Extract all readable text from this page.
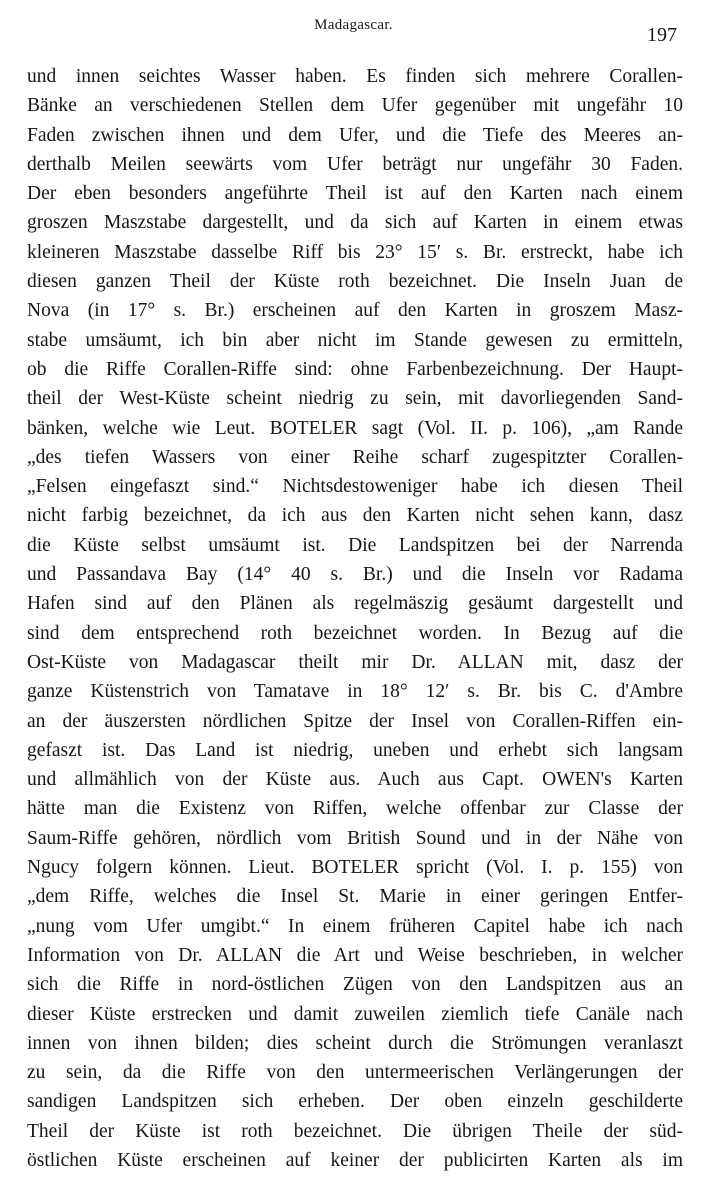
Madagascar.	197
und innen seichtes Wasser haben. Es finden sich mehrere Corallen-
Bänke an verschiedenen Stellen dem Ufer gegenüber mit ungefähr 10
Faden zwischen ihnen und dem Ufer, und die Tiefe des Meeres an-
derthalb Meilen seewärts vom Ufer beträgt nur ungefähr 30 Faden.
Der eben besonders angeführte Theil ist auf den Karten nach einem
groszen Maszstabe dargestellt, und da sich auf Karten in einem etwas
kleineren Maszstabe dasselbe Riff bis 23° 15′ s. Br. erstreckt, habe ich
diesen ganzen Theil der Küste roth bezeichnet. Die Inseln Juan de
Nova (in 17° s. Br.) erscheinen auf den Karten in groszem Masz-
stabe umsäumt, ich bin aber nicht im Stande gewesen zu ermitteln,
ob die Riffe Corallen-Riffe sind: ohne Farbenbezeichnung. Der Haupt-
theil der West-Küste scheint niedrig zu sein, mit davorliegenden Sand-
bänken, welche wie Leut. BOTELER sagt (Vol. II. p. 106), „am Rande
„des tiefen Wassers von einer Reihe scharf zugespitzter Corallen-
„Felsen eingefaszt sind.“ Nichtsdestoweniger habe ich diesen Theil
nicht farbig bezeichnet, da ich aus den Karten nicht sehen kann, dasz
die Küste selbst umsäumt ist. Die Landspitzen bei der Narrenda
und Passandava Bay (14° 40 s. Br.) und die Inseln vor Radama
Hafen sind auf den Plänen als regelmäszig gesäumt dargestellt und
sind dem entsprechend roth bezeichnet worden. In Bezug auf die
Ost-Küste von Madagascar theilt mir Dr. ALLAN mit, dasz der
ganze Küstenstrich von Tamatave in 18° 12′ s. Br. bis C. d'Ambre
an der äuszersten nördlichen Spitze der Insel von Corallen-Riffen ein-
gefaszt ist. Das Land ist niedrig, uneben und erhebt sich langsam
und allmählich von der Küste aus. Auch aus Capt. OWEN's Karten
hätte man die Existenz von Riffen, welche offenbar zur Classe der
Saum-Riffe gehören, nördlich vom British Sound und in der Nähe von
Ngucy folgern können. Lieut. BOTELER spricht (Vol. I. p. 155) von
„dem Riffe, welches die Insel St. Marie in einer geringen Entfer-
„nung vom Ufer umgibt.“ In einem früheren Capitel habe ich nach
Information von Dr. ALLAN die Art und Weise beschrieben, in welcher
sich die Riffe in nord-östlichen Zügen von den Landspitzen aus an
dieser Küste erstrecken und damit zuweilen ziemlich tiefe Canäle nach
innen von ihnen bilden; dies scheint durch die Strömungen veranlaszt
zu sein, da die Riffe von den untermeerischen Verlängerungen der
sandigen Landspitzen sich erheben. Der oben einzeln geschilderte
Theil der Küste ist roth bezeichnet. Die übrigen Theile der süd-
östlichen Küste erscheinen auf keiner der publicirten Karten als im
